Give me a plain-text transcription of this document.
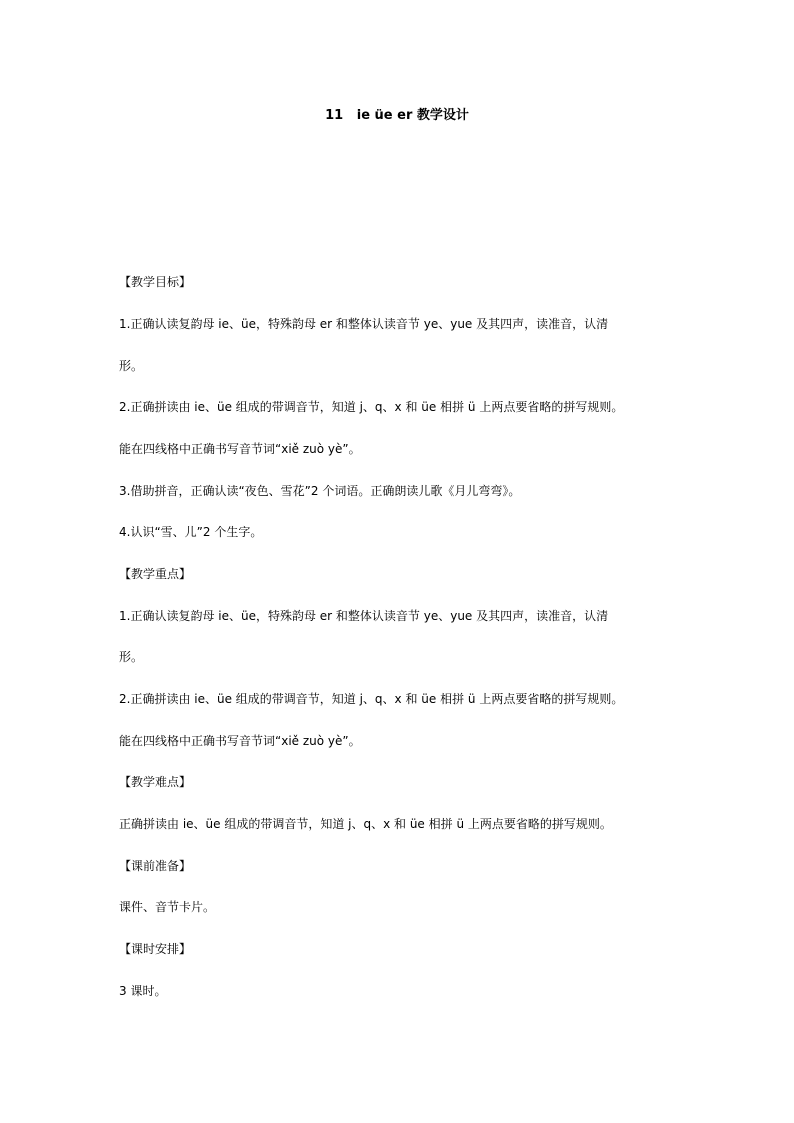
11   ie üe er 教学设计
【教学目标】
1.正确认读复韵母 ie、üe，特殊韵母 er 和整体认读音节 ye、yue 及其四声，读准音，认清
形。
2.正确拼读由 ie、üe 组成的带调音节，知道 j、q、x 和 üe 相拼 ü 上两点要省略的拼写规则。
能在四线格中正确书写音节词“xiě zuò yè”。
3.借助拼音，正确认读“夜色、雪花”2 个词语。正确朗读儿歌《月儿弯弯》。
4.认识“雪、儿”2 个生字。
【教学重点】
1.正确认读复韵母 ie、üe，特殊韵母 er 和整体认读音节 ye、yue 及其四声，读准音，认清
形。
2.正确拼读由 ie、üe 组成的带调音节，知道 j、q、x 和 üe 相拼 ü 上两点要省略的拼写规则。
能在四线格中正确书写音节词“xiě zuò yè”。
【教学难点】
正确拼读由 ie、üe 组成的带调音节，知道 j、q、x 和 üe 相拼 ü 上两点要省略的拼写规则。
【课前准备】
课件、音节卡片。
【课时安排】
3 课时。
